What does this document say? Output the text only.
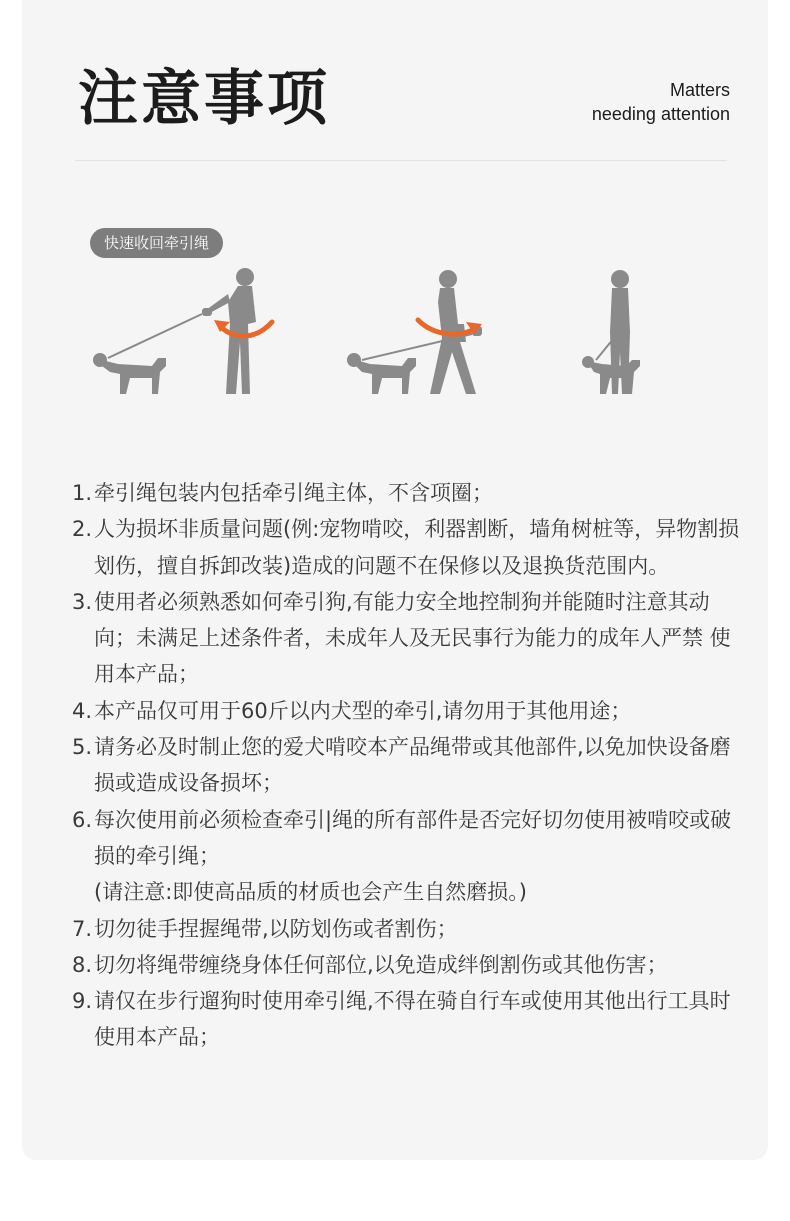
注意事项	Matters
needing attention
快速收回牵引绳
1. 牵引绳包装内包括牵引绳主体，不含项圈；
2. 人为损坏非质量问题(例:宠物啃咬，利器割断，墙角树桩等，异物割损划伤，擅自拆卸改装)造成的问题不在保修以及退换货范围内。
3. 使用者必须熟悉如何牵引狗,有能力安全地控制狗并能随时注意其动向；未满足上述条件者，未成年人及无民事行为能力的成年人严禁 使用本产品；
4. 本产品仅可用于60斤以内犬型的牵引,请勿用于其他用途；
5. 请务必及时制止您的爱犬啃咬本产品绳带或其他部件,以免加快设备磨损或造成设备损坏；
6. 每次使用前必须检查牵引|绳的所有部件是否完好切勿使用被啃咬或破损的牵引绳；
(请注意:即使高品质的材质也会产生自然磨损。)
7. 切勿徒手捏握绳带,以防划伤或者割伤；
8. 切勿将绳带缠绕身体任何部位,以免造成绊倒割伤或其他伤害；
9. 请仅在步行遛狗时使用牵引绳,不得在骑自行车或使用其他出行工具时使用本产品；
